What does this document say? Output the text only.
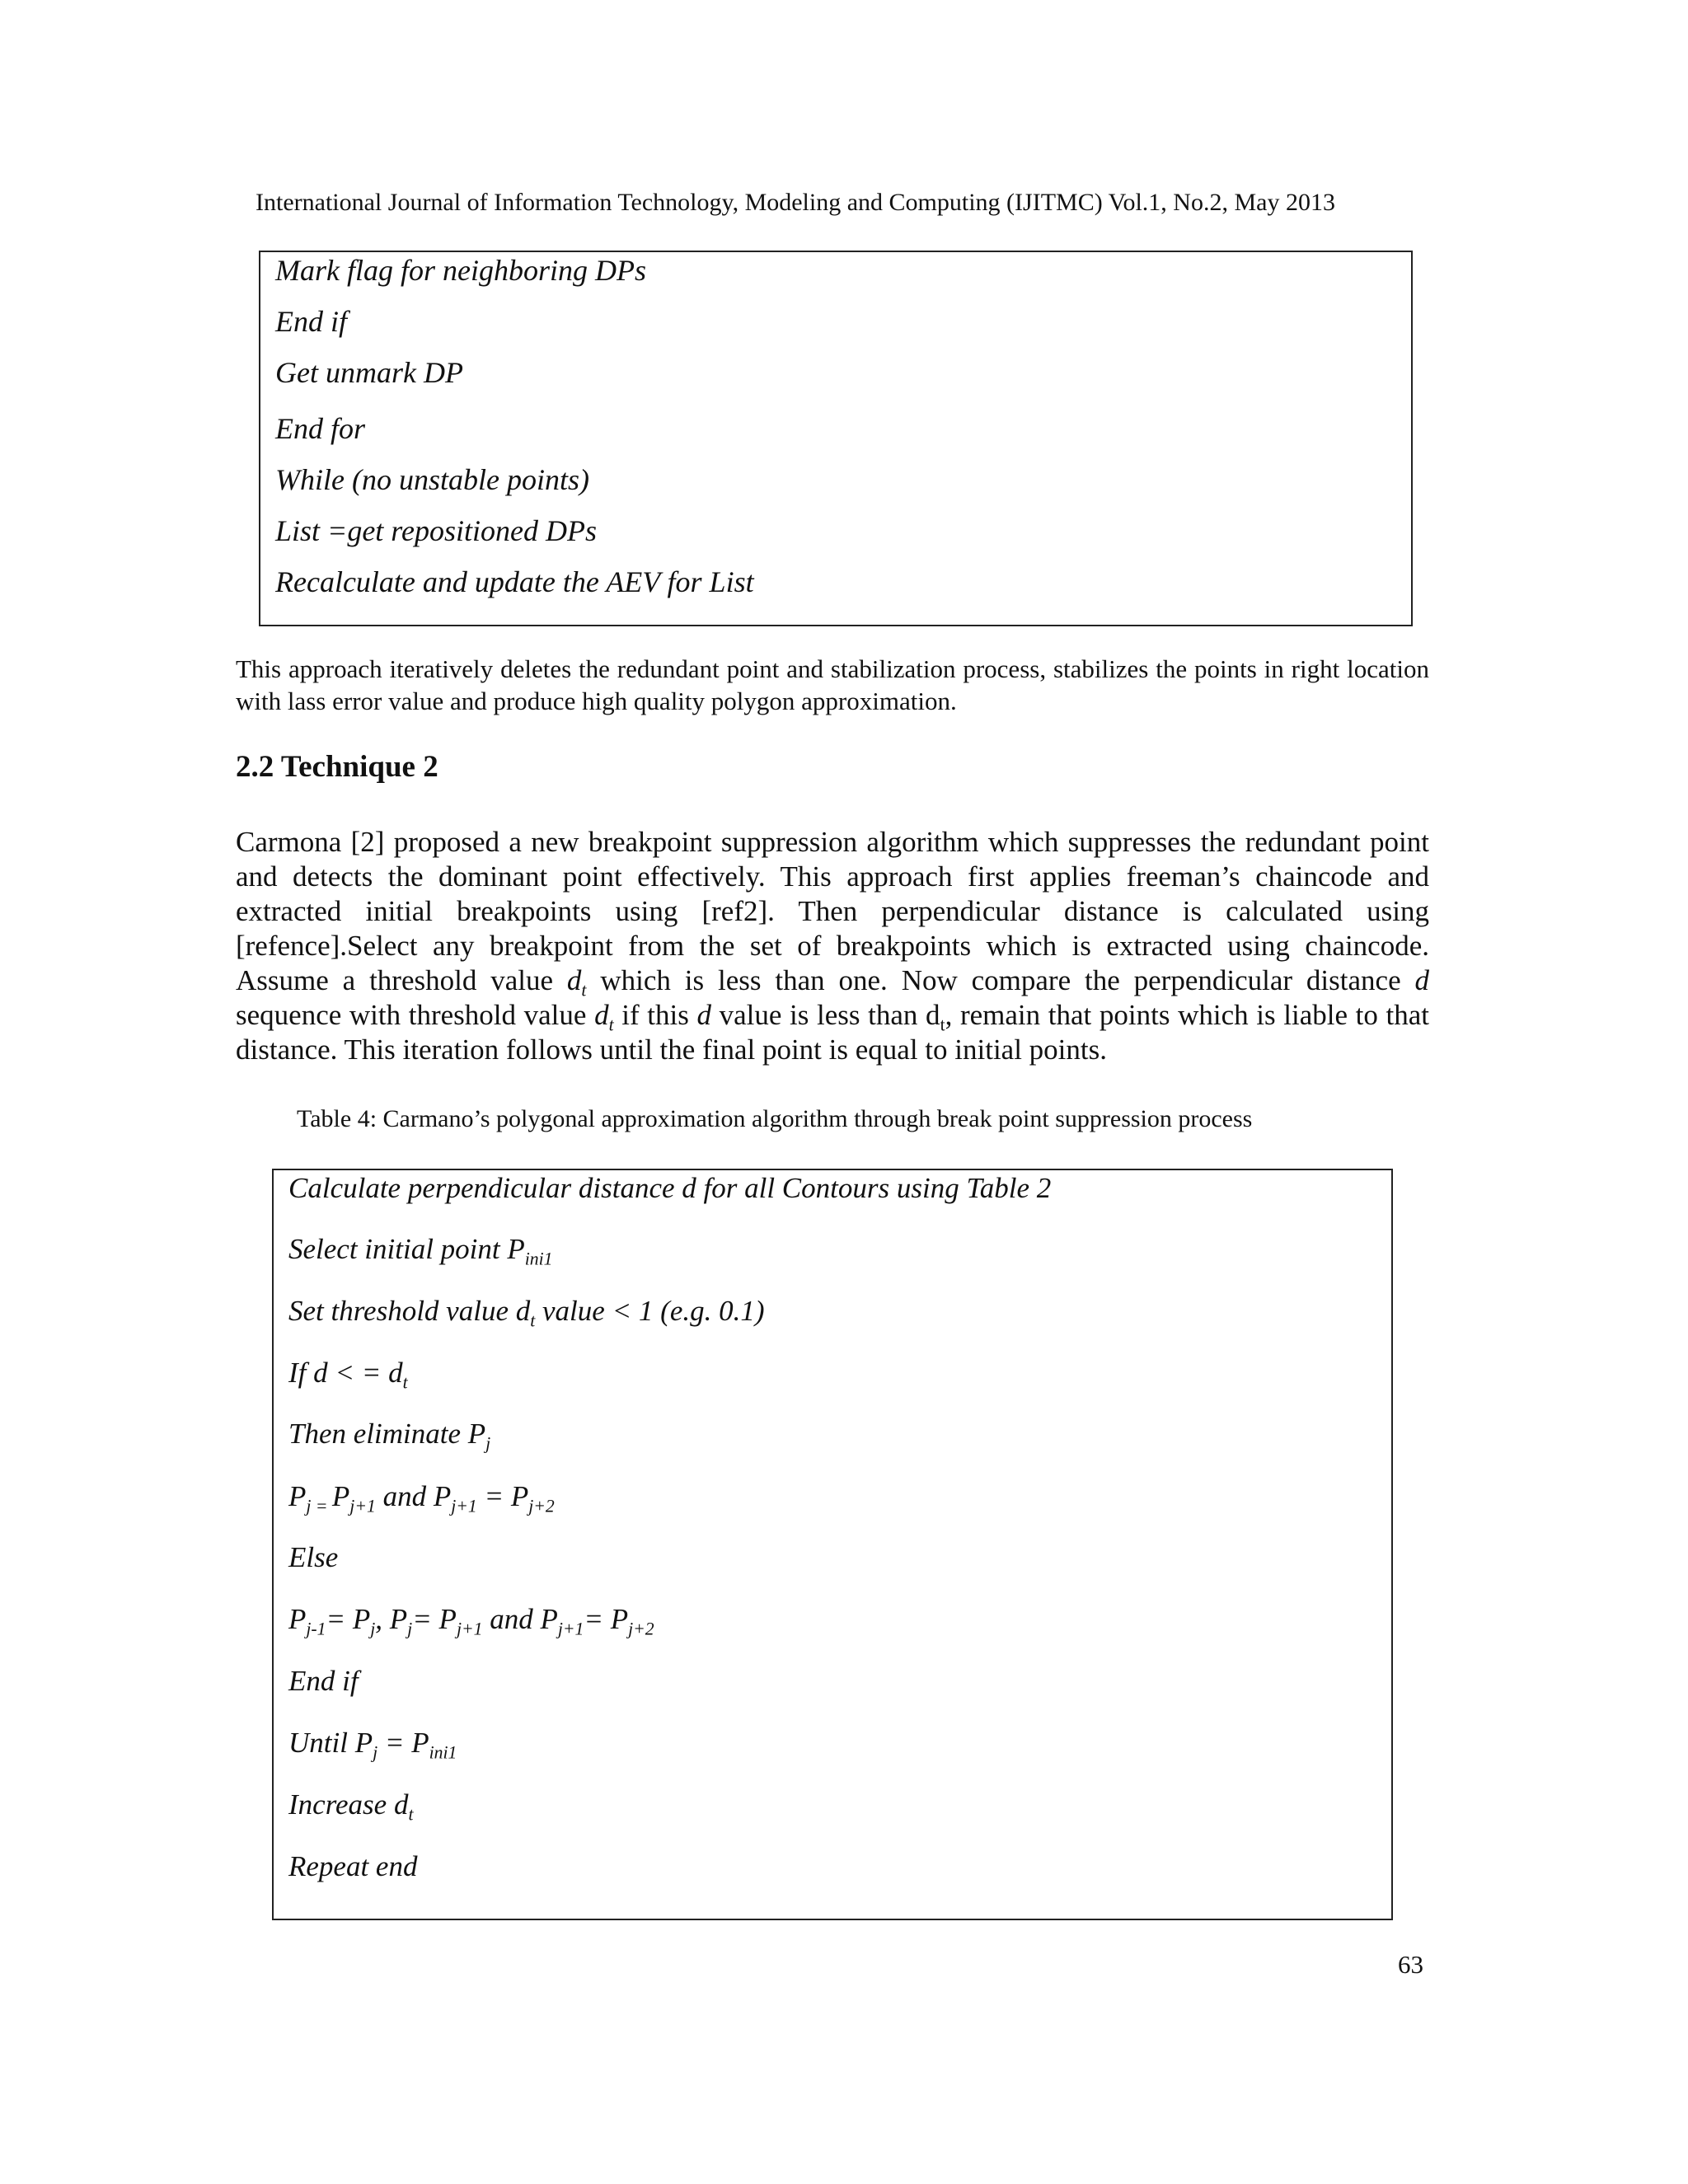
International Journal of Information Technology, Modeling and Computing (IJITMC) Vol.1, No.2, May 2013
Mark flag for neighboring DPs
End if
Get unmark DP
End for
While (no unstable points)
List =get repositioned DPs
Recalculate and update the AEV for List
This approach iteratively deletes the redundant point and stabilization process, stabilizes the points in right location with lass error value and produce high quality polygon approximation.
2.2 Technique 2
Carmona [2] proposed a new breakpoint suppression algorithm which suppresses the redundant point and detects the dominant point effectively. This approach first applies freeman’s chaincode and extracted initial breakpoints using [ref2]. Then perpendicular distance is calculated using [refence].Select any breakpoint from the set of breakpoints which is extracted using chaincode. Assume a threshold value $d_t$ which is less than one. Now compare the perpendicular distance d sequence with threshold value $d_t$ if this d value is less than $d_t$, remain that points which is liable to that distance. This iteration follows until the final point is equal to initial points.
Table 4: Carmano’s polygonal approximation algorithm through break point suppression process
Calculate perpendicular distance d for all Contours using Table 2
Select initial point $P_{ini1}$
Set threshold value $d_t$ value < 1 (e.g. 0.1)
If d < = $d_t$
Then eliminate $P_j$
$P_{j =}$ $P_{j+1}$ and $P_{j+1} = P_{j+2}$
Else
$P_{j-1}= P_j$, $P_j= P_{j+1}$ and $P_{j+1}= P_{j+2}$
End if
Until $P_j = P_{ini1}$
Increase $d_t$
Repeat end
63
